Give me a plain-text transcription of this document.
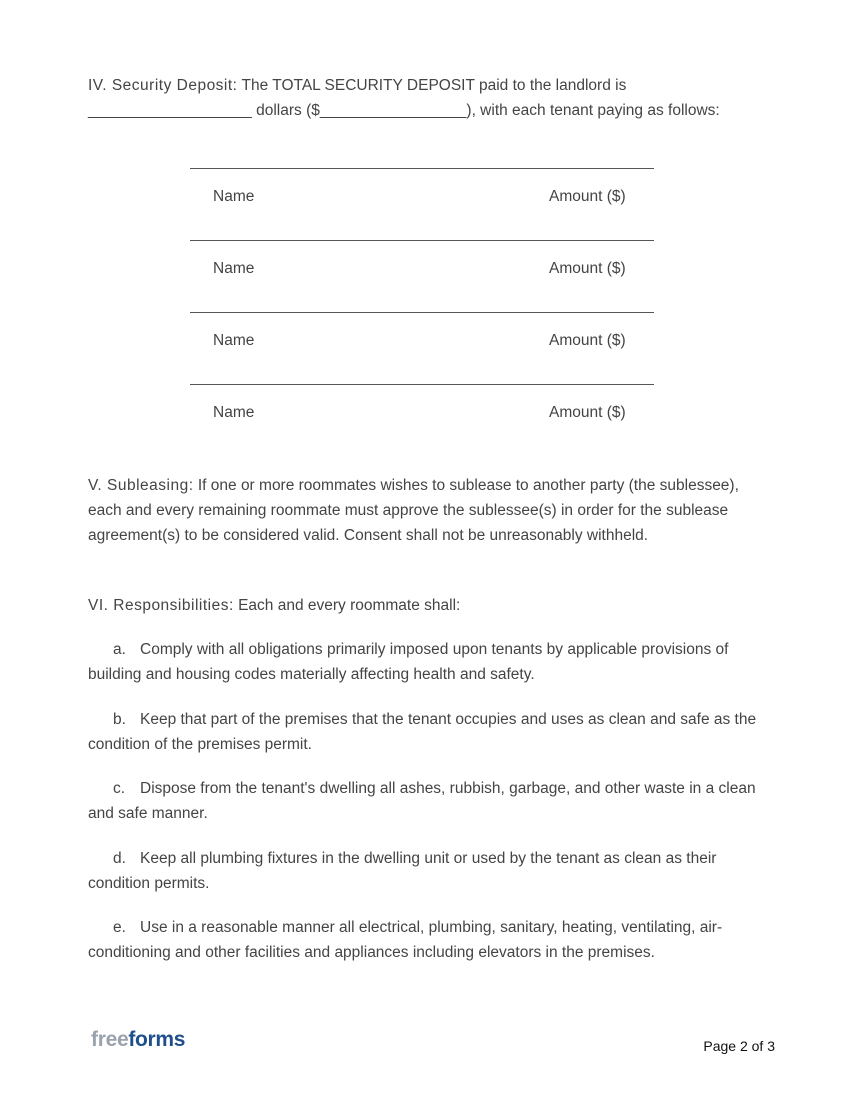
IV. Security Deposit: The TOTAL SECURITY DEPOSIT paid to the landlord is ___________________ dollars ($_________________), with each tenant paying as follows:

Name	Amount ($)
Name	Amount ($)
Name	Amount ($)
Name	Amount ($)

V. Subleasing: If one or more roommates wishes to sublease to another party (the sublessee), each and every remaining roommate must approve the sublessee(s) in order for the sublease agreement(s) to be considered valid. Consent shall not be unreasonably withheld.

VI. Responsibilities: Each and every roommate shall:

a. Comply with all obligations primarily imposed upon tenants by applicable provisions of building and housing codes materially affecting health and safety.

b. Keep that part of the premises that the tenant occupies and uses as clean and safe as the condition of the premises permit.

c. Dispose from the tenant's dwelling all ashes, rubbish, garbage, and other waste in a clean and safe manner.

d. Keep all plumbing fixtures in the dwelling unit or used by the tenant as clean as their condition permits.

e. Use in a reasonable manner all electrical, plumbing, sanitary, heating, ventilating, air-conditioning and other facilities and appliances including elevators in the premises.

freeforms	Page 2 of 3
